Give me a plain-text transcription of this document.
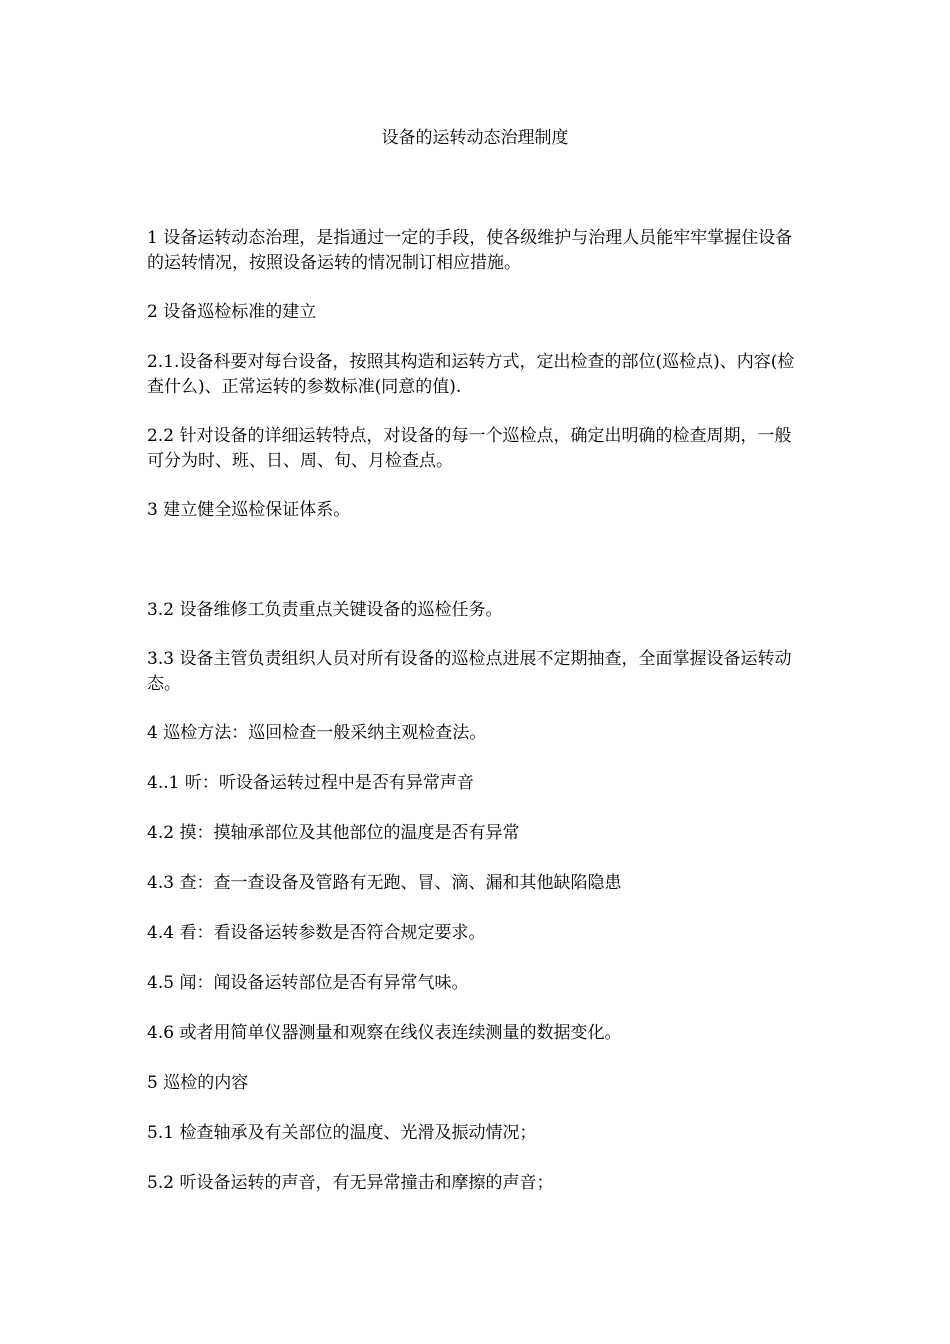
设备的运转动态治理制度

1 设备运转动态治理，是指通过一定的手段，使各级维护与治理人员能牢牢掌握住设备的运转情况，按照设备运转的情况制订相应措施。

2 设备巡检标准的建立

2.1.设备科要对每台设备，按照其构造和运转方式，定出检查的部位(巡检点)、内容(检查什么)、正常运转的参数标准(同意的值).

2.2 针对设备的详细运转特点，对设备的每一个巡检点，确定出明确的检查周期，一般可分为时、班、日、周、旬、月检查点。

3 建立健全巡检保证体系。

3.2 设备维修工负责重点关键设备的巡检任务。

3.3 设备主管负责组织人员对所有设备的巡检点进展不定期抽查，全面掌握设备运转动态。

4 巡检方法：巡回检查一般采纳主观检查法。

4..1 听：听设备运转过程中是否有异常声音

4.2 摸：摸轴承部位及其他部位的温度是否有异常

4.3 查：查一查设备及管路有无跑、冒、滴、漏和其他缺陷隐患

4.4 看：看设备运转参数是否符合规定要求。

4.5 闻：闻设备运转部位是否有异常气味。

4.6 或者用简单仪器测量和观察在线仪表连续测量的数据变化。

5 巡检的内容

5.1 检查轴承及有关部位的温度、光滑及振动情况；

5.2 听设备运转的声音，有无异常撞击和摩擦的声音；
